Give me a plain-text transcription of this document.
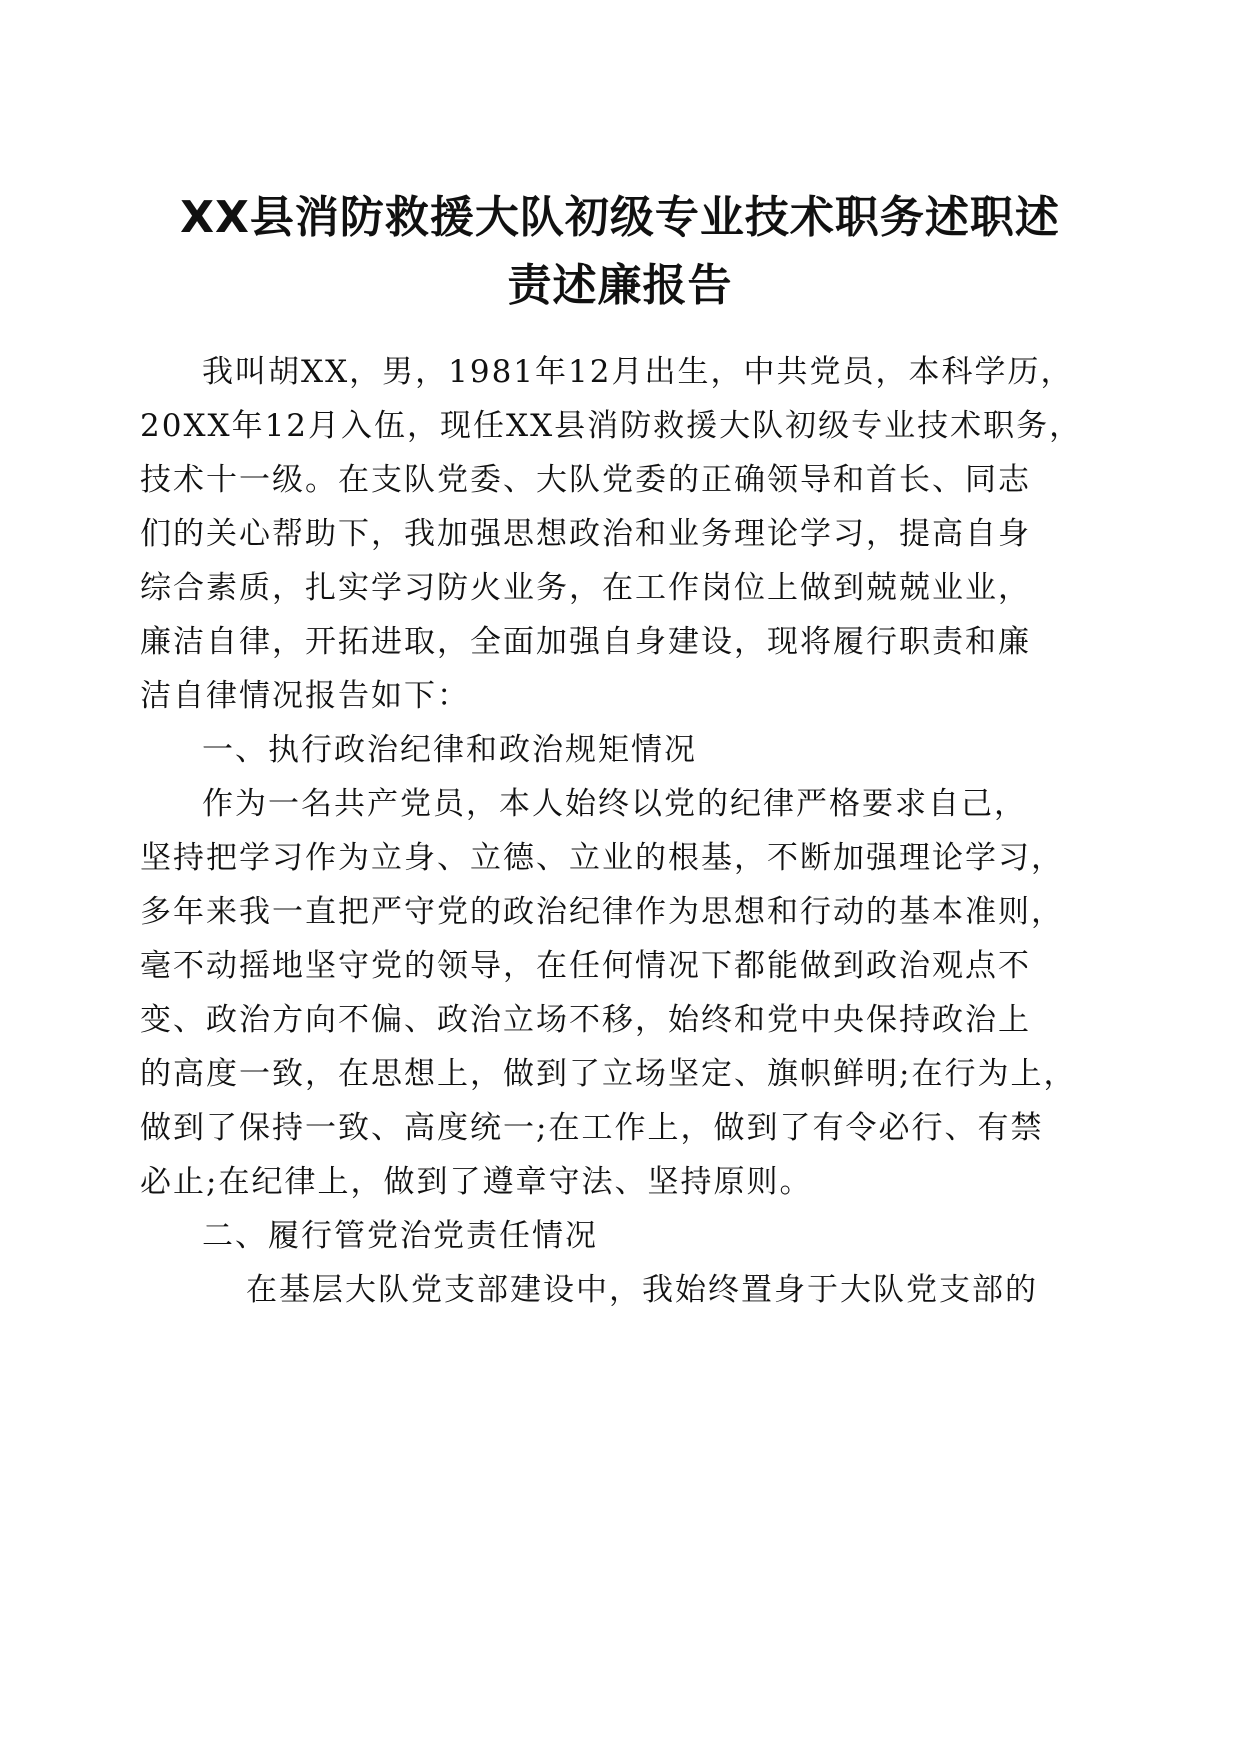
XX县消防救援大队初级专业技术职务述职述
责述廉报告

我叫胡XX，男，1981年12月出生，中共党员，本科学历，

20XX年12月入伍，现任XX县消防救援大队初级专业技术职务，

技术十一级。在支队党委、大队党委的正确领导和首长、同志

们的关心帮助下，我加强思想政治和业务理论学习，提高自身

综合素质，扎实学习防火业务，在工作岗位上做到兢兢业业，

廉洁自律，开拓进取，全面加强自身建设，现将履行职责和廉

洁自律情况报告如下：

一、执行政治纪律和政治规矩情况

作为一名共产党员，本人始终以党的纪律严格要求自己，

坚持把学习作为立身、立德、立业的根基，不断加强理论学习，

多年来我一直把严守党的政治纪律作为思想和行动的基本准则，

毫不动摇地坚守党的领导，在任何情况下都能做到政治观点不

变、政治方向不偏、政治立场不移，始终和党中央保持政治上

的高度一致，在思想上，做到了立场坚定、旗帜鲜明;在行为上，

做到了保持一致、高度统一;在工作上，做到了有令必行、有禁

必止;在纪律上，做到了遵章守法、坚持原则。

二、履行管党治党责任情况

在基层大队党支部建设中，我始终置身于大队党支部的
